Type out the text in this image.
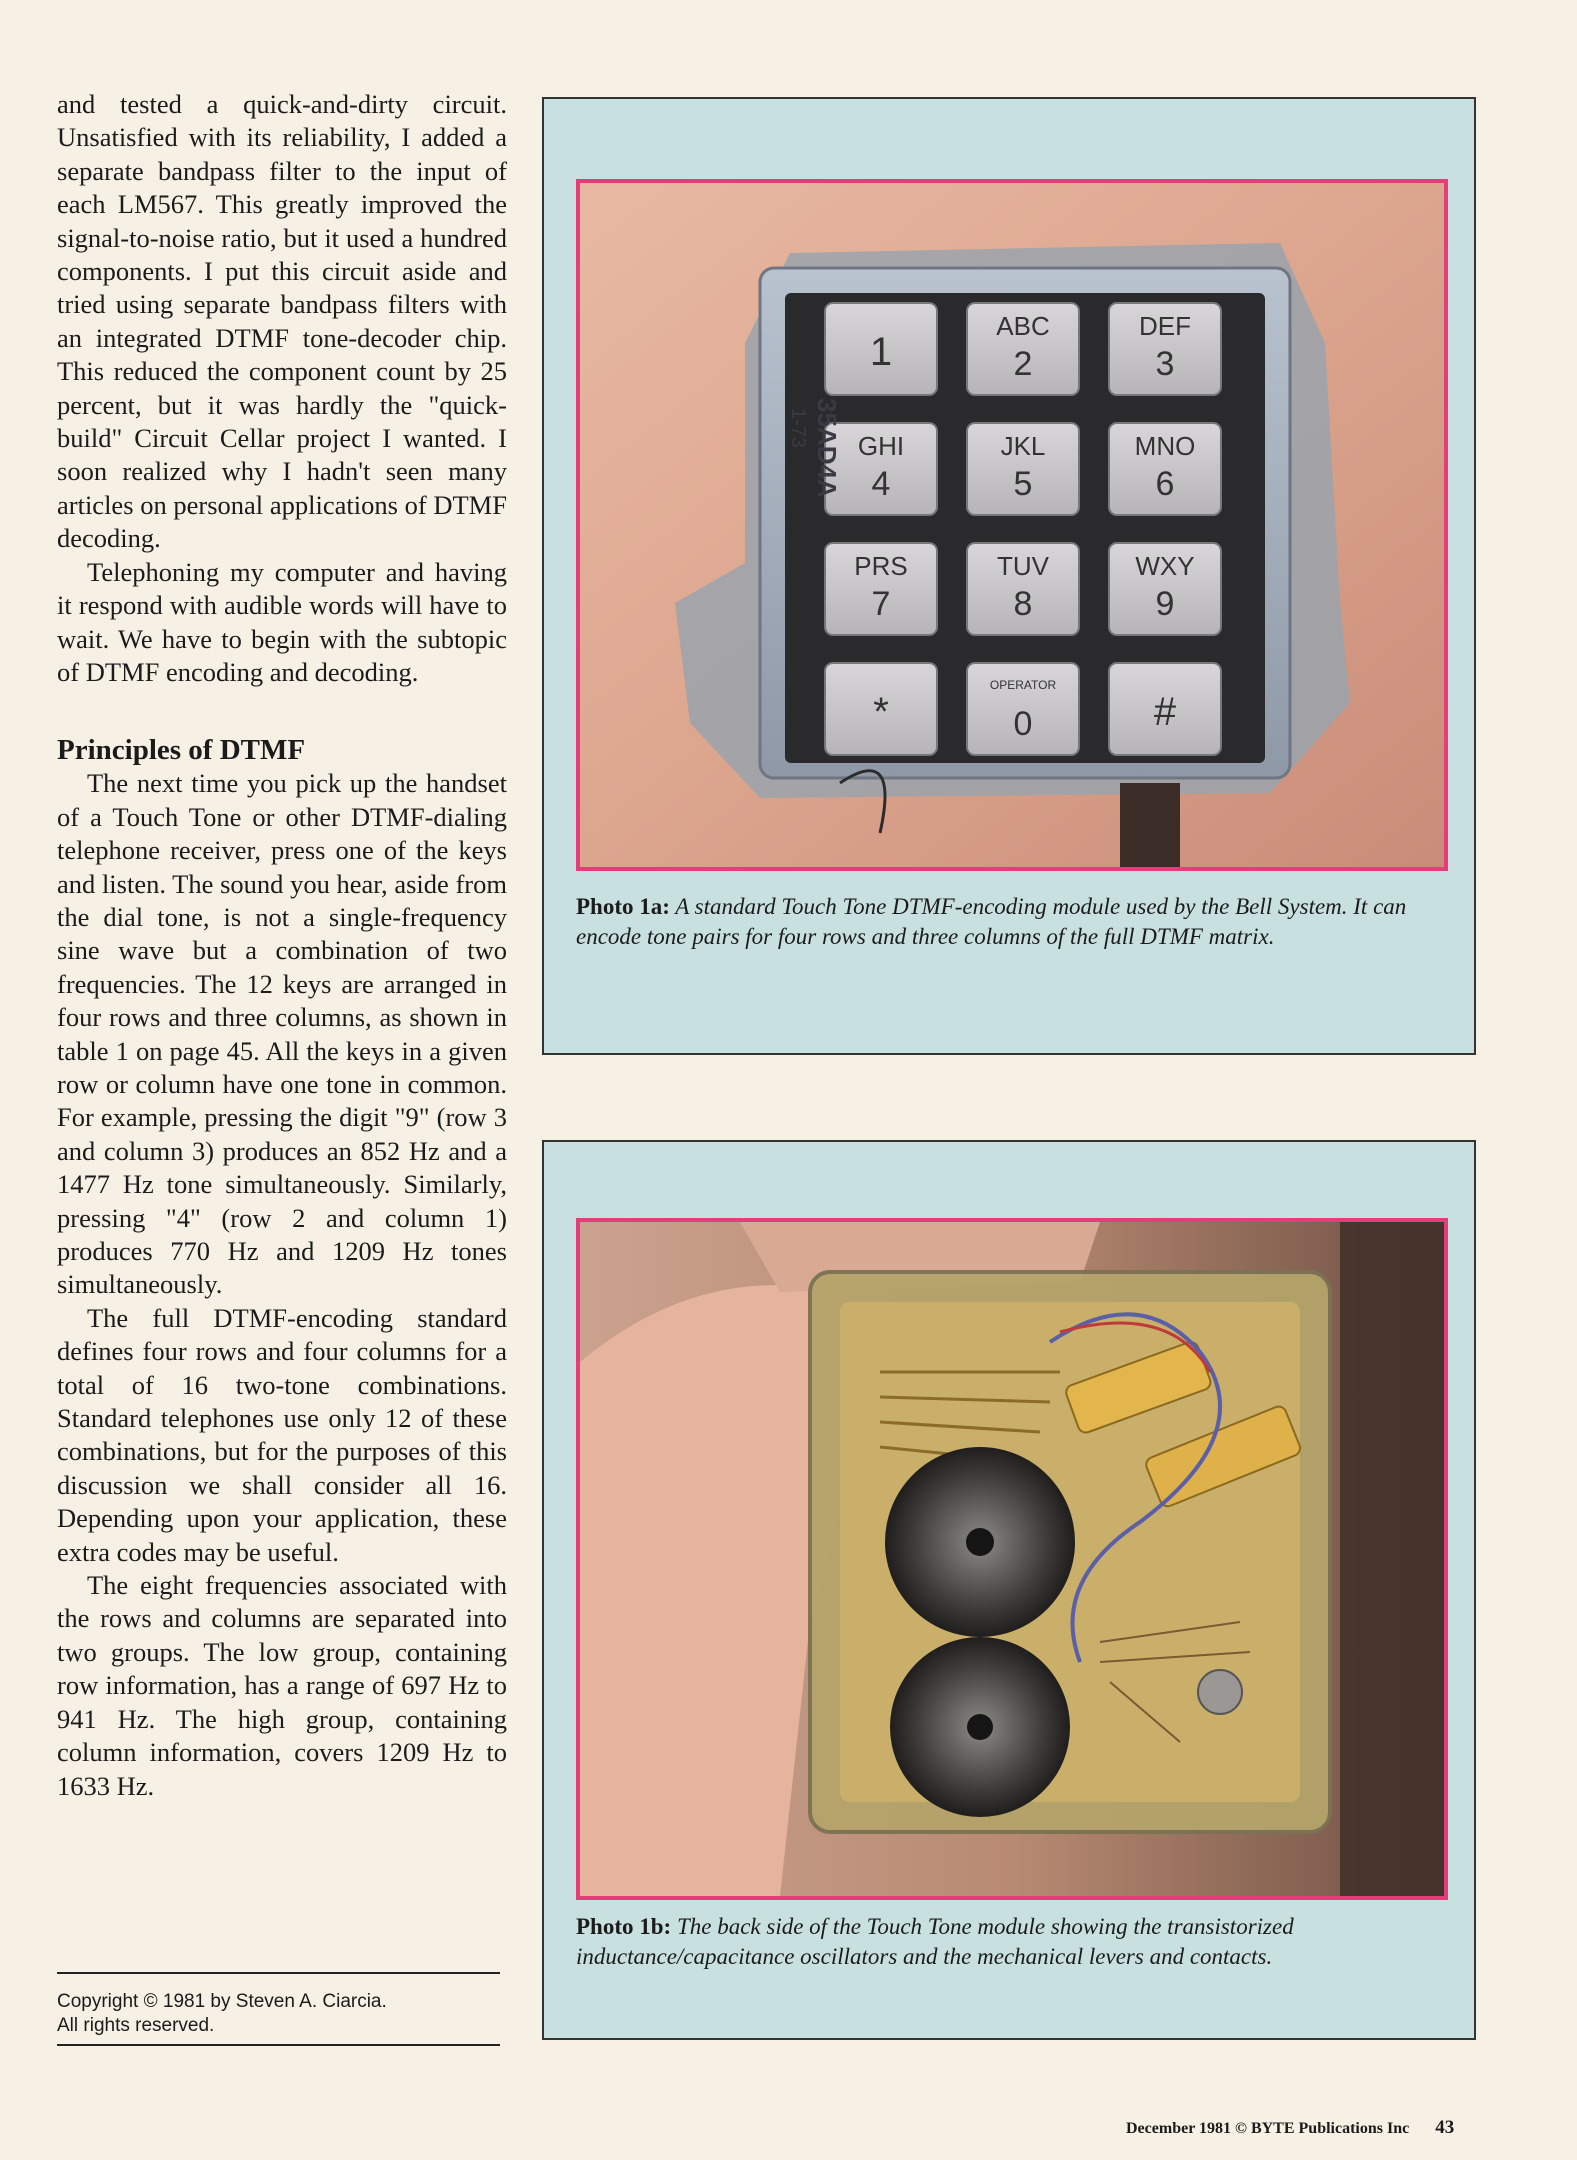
and tested a quick-and-dirty circuit. Unsatisfied with its reliability, I added a separate bandpass filter to the input of each LM567. This greatly improved the signal-to-noise ratio, but it used a hundred components. I put this circuit aside and tried using separate bandpass filters with an integrated DTMF tone-decoder chip. This reduced the component count by 25 percent, but it was hardly the "quick-build" Circuit Cellar project I wanted. I soon realized why I hadn't seen many articles on personal applications of DTMF decoding.

Telephoning my computer and having it respond with audible words will have to wait. We have to begin with the subtopic of DTMF encoding and decoding.

Principles of DTMF

The next time you pick up the handset of a Touch Tone or other DTMF-dialing telephone receiver, press one of the keys and listen. The sound you hear, aside from the dial tone, is not a single-frequency sine wave but a combination of two frequencies. The 12 keys are arranged in four rows and three columns, as shown in table 1 on page 45. All the keys in a given row or column have one tone in common. For example, pressing the digit "9" (row 3 and column 3) produces an 852 Hz and a 1477 Hz tone simultaneously. Similarly, pressing "4" (row 2 and column 1) produces 770 Hz and 1209 Hz tones simultaneously.

The full DTMF-encoding standard defines four rows and four columns for a total of 16 two-tone combinations. Standard telephones use only 12 of these combinations, but for the purposes of this discussion we shall consider all 16. Depending upon your application, these extra codes may be useful.

The eight frequencies associated with the rows and columns are separated into two groups. The low group, containing row information, has a range of 697 Hz to 941 Hz. The high group, containing column information, covers 1209 Hz to 1633 Hz.

Copyright © 1981 by Steven A. Ciarcia.
All rights reserved.
1
ABC
2
DEF
3
GHI
4
JKL
5
MNO
6
PRS
7
TUV
8
WXY
9
*
OPERATOR
0	#
35AD4A
1-73
Photo 1a: A standard Touch Tone DTMF-encoding module used by the Bell System. It can encode tone pairs for four rows and three columns of the full DTMF matrix.
Photo 1b: The back side of the Touch Tone module showing the transistorized inductance/capacitance oscillators and the mechanical levers and contacts.
December 1981 © BYTE Publications Inc 43
